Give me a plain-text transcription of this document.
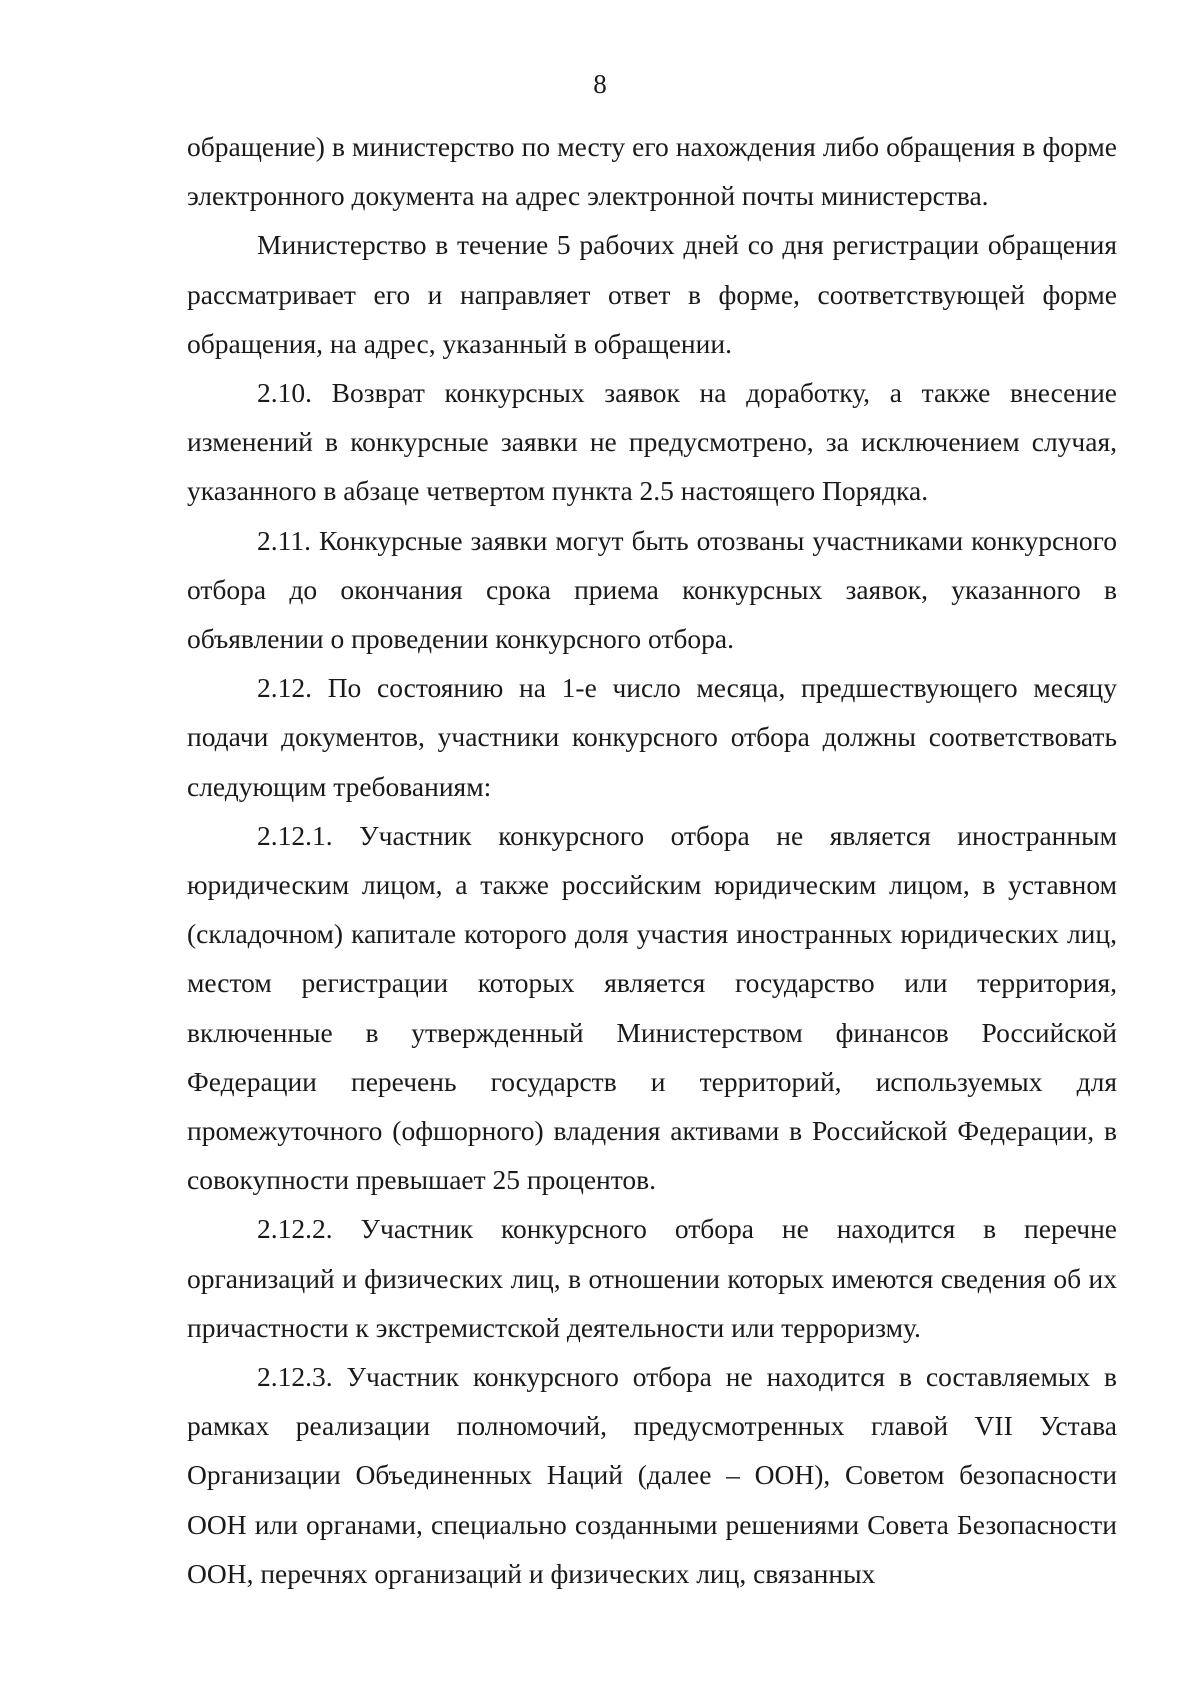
8

обращение) в министерство по месту его нахождения либо обращения в форме электронного документа на адрес электронной почты министерства.

Министерство в течение 5 рабочих дней со дня регистрации обращения рассматривает его и направляет ответ в форме, соответствующей форме обращения, на адрес, указанный в обращении.

2.10. Возврат конкурсных заявок на доработку, а также внесение изменений в конкурсные заявки не предусмотрено, за исключением случая, указанного в абзаце четвертом пункта 2.5 настоящего Порядка.

2.11. Конкурсные заявки могут быть отозваны участниками конкурсного отбора до окончания срока приема конкурсных заявок, указанного в объявлении о проведении конкурсного отбора.

2.12. По состоянию на 1-е число месяца, предшествующего месяцу подачи документов, участники конкурсного отбора должны соответствовать следующим требованиям:

2.12.1. Участник конкурсного отбора не является иностранным юридическим лицом, а также российским юридическим лицом, в уставном (складочном) капитале которого доля участия иностранных юридических лиц, местом регистрации которых является государство или территория, включенные в утвержденный Министерством финансов Российской Федерации перечень государств и территорий, используемых для промежуточного (офшорного) владения активами в Российской Федерации, в совокупности превышает 25 процентов.

2.12.2. Участник конкурсного отбора не находится в перечне организаций и физических лиц, в отношении которых имеются сведения об их причастности к экстремистской деятельности или терроризму.

2.12.3. Участник конкурсного отбора не находится в составляемых в рамках реализации полномочий, предусмотренных главой VII Устава Организации Объединенных Наций (далее – ООН), Советом безопасности ООН или органами, специально созданными решениями Совета Безопасности ООН, перечнях организаций и физических лиц, связанных
